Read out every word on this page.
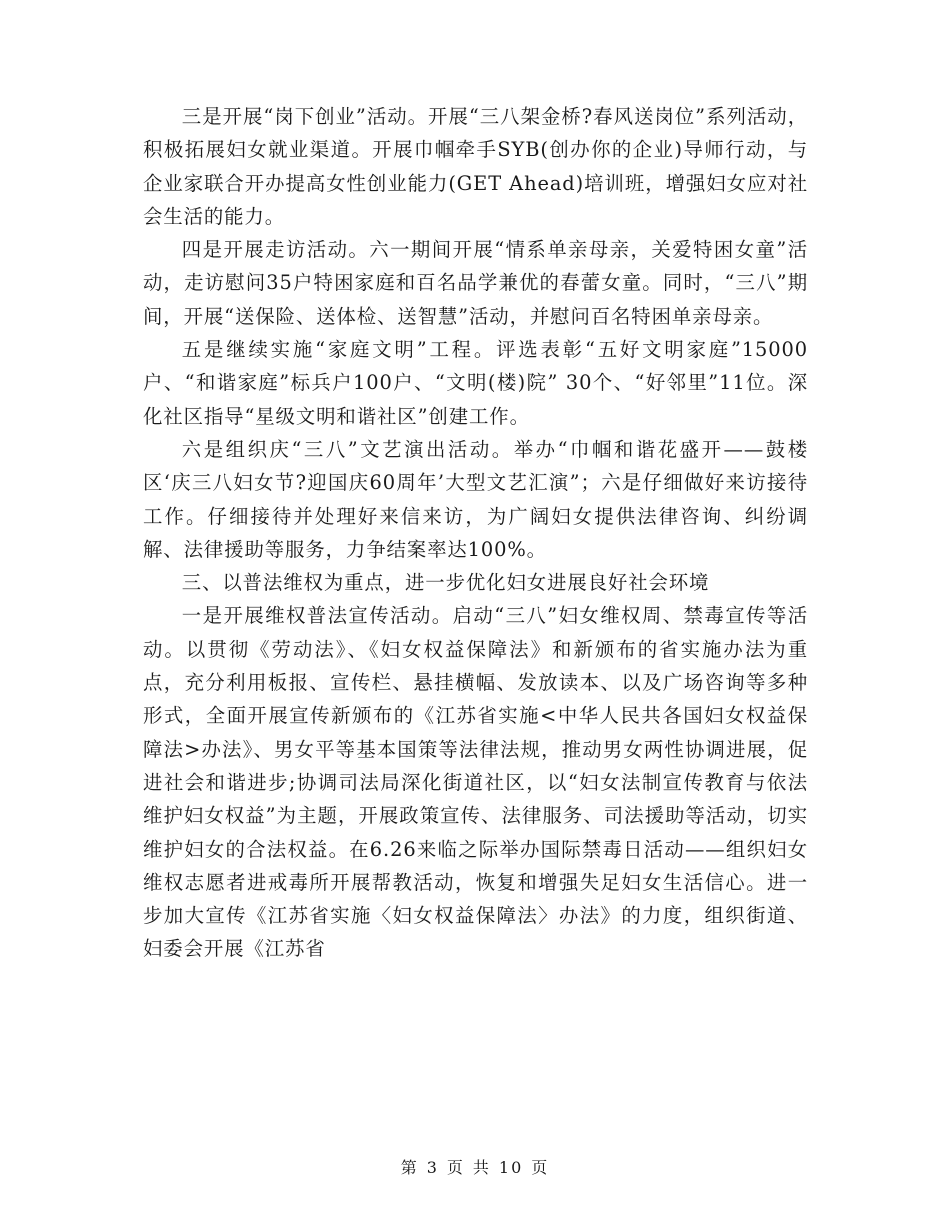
三是开展“岗下创业”活动。开展“三八架金桥?春风送岗位”系列活动，积极拓展妇女就业渠道。开展巾帼牵手SYB(创办你的企业)导师行动，与企业家联合开办提高女性创业能力(GET Ahead)培训班，增强妇女应对社会生活的能力。

四是开展走访活动。六一期间开展“情系单亲母亲，关爱特困女童”活动，走访慰问35户特困家庭和百名品学兼优的春蕾女童。同时，“三八”期间，开展“送保险、送体检、送智慧”活动，并慰问百名特困单亲母亲。

五是继续实施“家庭文明”工程。评选表彰“五好文明家庭”15000户、“和谐家庭”标兵户100户、“文明(楼)院” 30个、“好邻里”11位。深化社区指导“星级文明和谐社区”创建工作。

六是组织庆“三八”文艺演出活动。举办“巾帼和谐花盛开——鼓楼区‘庆三八妇女节?迎国庆60周年’大型文艺汇演”；六是仔细做好来访接待工作。仔细接待并处理好来信来访，为广阔妇女提供法律咨询、纠纷调解、法律援助等服务，力争结案率达100%。

三、以普法维权为重点，进一步优化妇女进展良好社会环境

一是开展维权普法宣传活动。启动“三八”妇女维权周、禁毒宣传等活动。以贯彻《劳动法》、《妇女权益保障法》和新颁布的省实施办法为重点，充分利用板报、宣传栏、悬挂横幅、发放读本、以及广场咨询等多种形式，全面开展宣传新颁布的《江苏省实施<中华人民共各国妇女权益保障法>办法》、男女平等基本国策等法律法规，推动男女两性协调进展，促进社会和谐进步;协调司法局深化街道社区，以“妇女法制宣传教育与依法维护妇女权益”为主题，开展政策宣传、法律服务、司法援助等活动，切实维护妇女的合法权益。在6.26来临之际举办国际禁毒日活动——组织妇女维权志愿者进戒毒所开展帮教活动，恢复和增强失足妇女生活信心。进一步加大宣传《江苏省实施〈妇女权益保障法〉办法》的力度，组织街道、妇委会开展《江苏省

第 3 页 共 10 页
